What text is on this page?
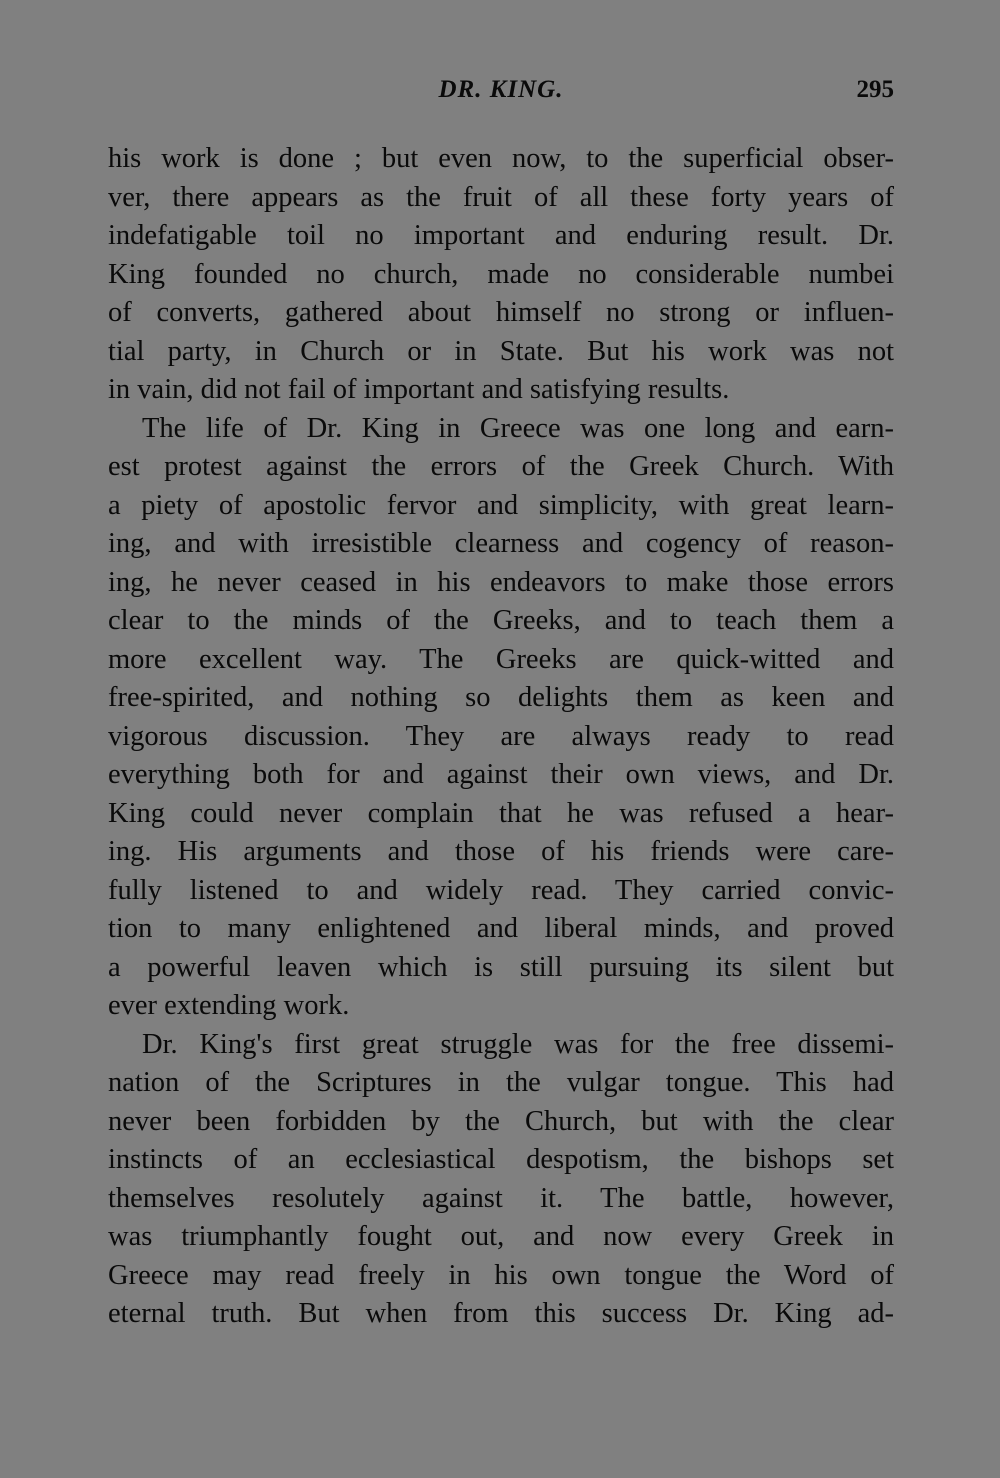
DR. KING.	295
his work is done ; but even now, to the superficial obser-
ver, there appears as the fruit of all these forty years of
indefatigable toil no important and enduring result. Dr.
King founded no church, made no considerable numbei
of converts, gathered about himself no strong or influen-
tial party, in Church or in State. But his work was not
in vain, did not fail of important and satisfying results.
The life of Dr. King in Greece was one long and earn-
est protest against the errors of the Greek Church. With
a piety of apostolic fervor and simplicity, with great learn-
ing, and with irresistible clearness and cogency of reason-
ing, he never ceased in his endeavors to make those errors
clear to the minds of the Greeks, and to teach them a
more excellent way. The Greeks are quick-witted and
free-spirited, and nothing so delights them as keen and
vigorous discussion. They are always ready to read
everything both for and against their own views, and Dr.
King could never complain that he was refused a hear-
ing. His arguments and those of his friends were care-
fully listened to and widely read. They carried convic-
tion to many enlightened and liberal minds, and proved
a powerful leaven which is still pursuing its silent but
ever extending work.
Dr. King's first great struggle was for the free dissemi-
nation of the Scriptures in the vulgar tongue. This had
never been forbidden by the Church, but with the clear
instincts of an ecclesiastical despotism, the bishops set
themselves resolutely against it. The battle, however,
was triumphantly fought out, and now every Greek in
Greece may read freely in his own tongue the Word of
eternal truth. But when from this success Dr. King ad-
